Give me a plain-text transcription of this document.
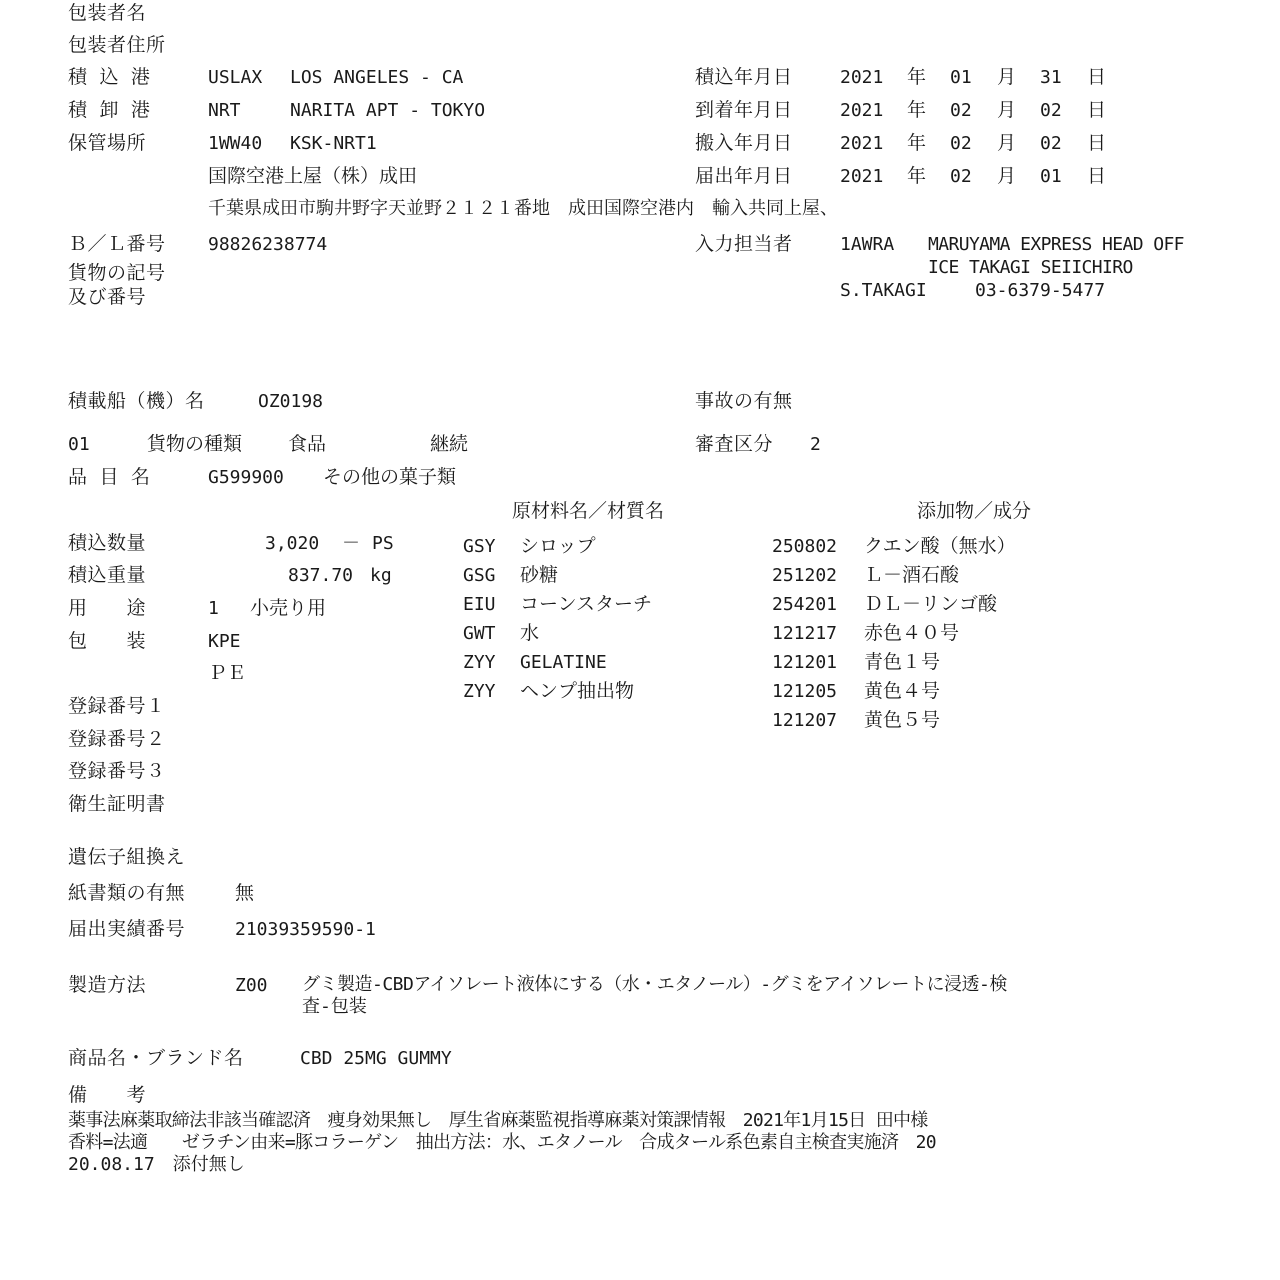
包装者名
包装者住所
積 込 港	USLAX LOS ANGELES - CA
積 卸 港	NRT	NARITA APT - TOKYO
保管場所	1WW40 KSK-NRT1
国際空港上屋（株）成田
千葉県成田市駒井野字天並野２１２１番地　成田国際空港内　輸入共同上屋、
Ｂ／Ｌ番号 98826238774
貨物の記号
及び番号
積込年月日	2021 年 01 月 31 日
到着年月日	2021 年 02 月 02 日
搬入年月日	2021 年 02 月 02 日
届出年月日	2021 年 02 月 01 日
入力担当者	1AWRA MARUYAMA EXPRESS HEAD OFF
ICE TAKAGI SEIICHIRO
S.TAKAGI	03-6379-5477
積載船（機）名	OZ0198	事故の有無
01	貨物の種類 食品	継続	審査区分 2
品 目 名	G599900 その他の菓子類
原材料名／材質名	添加物／成分
積込数量	3,020 － PS
積込重量	837.70 kg
用　　途	1 小売り用
包　　装	KPE
ＰＥ
登録番号１
登録番号２
登録番号３
衛生証明書
GSY シロップ
GSG 砂糖
EIU コーンスターチ
GWT 水
ZYY GELATINE
ZYY ヘンプ抽出物
250802 クエン酸（無水）
251202 Ｌ－酒石酸
254201 ＤＬ－リンゴ酸
121217 赤色４０号
121201 青色１号
121205 黄色４号
121207 黄色５号
遺伝子組換え
紙書類の有無	無
届出実績番号	21039359590-1
製造方法	Z00 グミ製造-CBDアイソレート液体にする（水・エタノール）-グミをアイソレートに浸透-検
査-包装
商品名・ブランド名	CBD 25MG GUMMY
備　　考
薬事法麻薬取締法非該当確認済　痩身効果無し　厚生省麻薬監視指導麻薬対策課情報　2021年1月15日 田中様
香料=法適　　ゼラチン由来=豚コラーゲン　抽出方法：水、エタノール　合成タール系色素自主検査実施済　20
20.08.17　添付無し
